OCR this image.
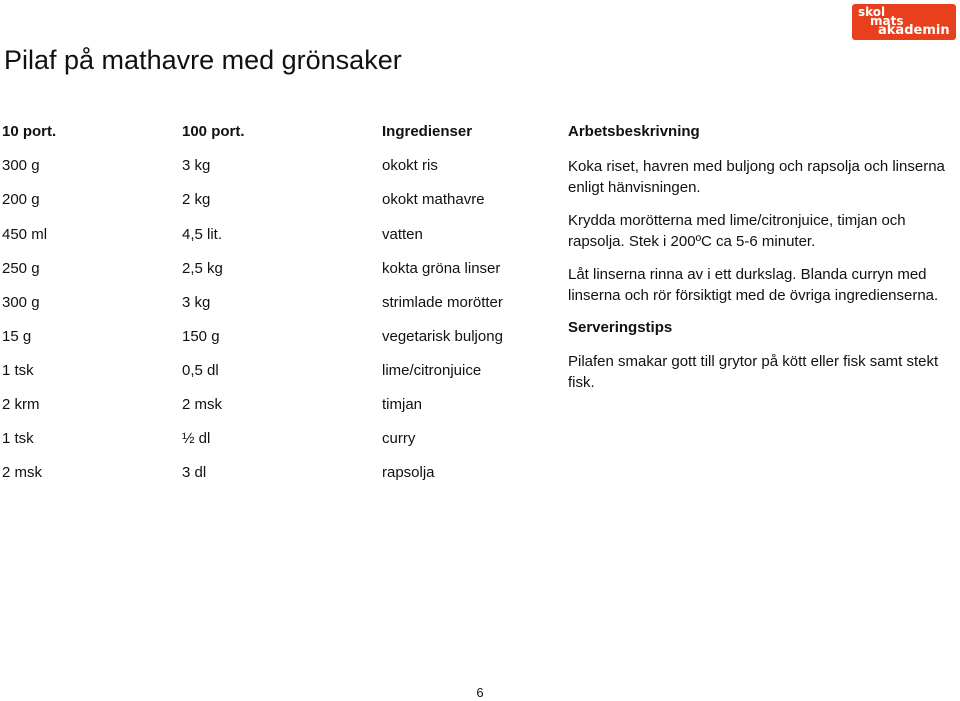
skol
mats
akademin
Pilaf på mathavre med grönsaker
10 port.	100 port.	Ingredienser
300 g	3 kg	okokt ris
200 g	2 kg	okokt mathavre
450 ml	4,5 lit.	vatten
250 g	2,5 kg	kokta gröna linser
300 g	3 kg	strimlade morötter
15 g	150 g	vegetarisk buljong
1 tsk	0,5 dl	lime/citronjuice
2 krm	2 msk	timjan
1 tsk	½ dl	curry
2 msk	3 dl	rapsolja
Arbetsbeskrivning

Koka riset, havren med buljong och rapsolja och linserna enligt hänvisningen.

Krydda morötterna med lime/citronjuice, timjan och rapsolja. Stek i 200ºC ca 5-6 minuter.

Låt linserna rinna av i ett durkslag. Blanda curryn med linserna och rör försiktigt med de övriga ingredienserna.

Serveringstips

Pilafen smakar gott till grytor på kött eller fisk samt stekt fisk.

6
